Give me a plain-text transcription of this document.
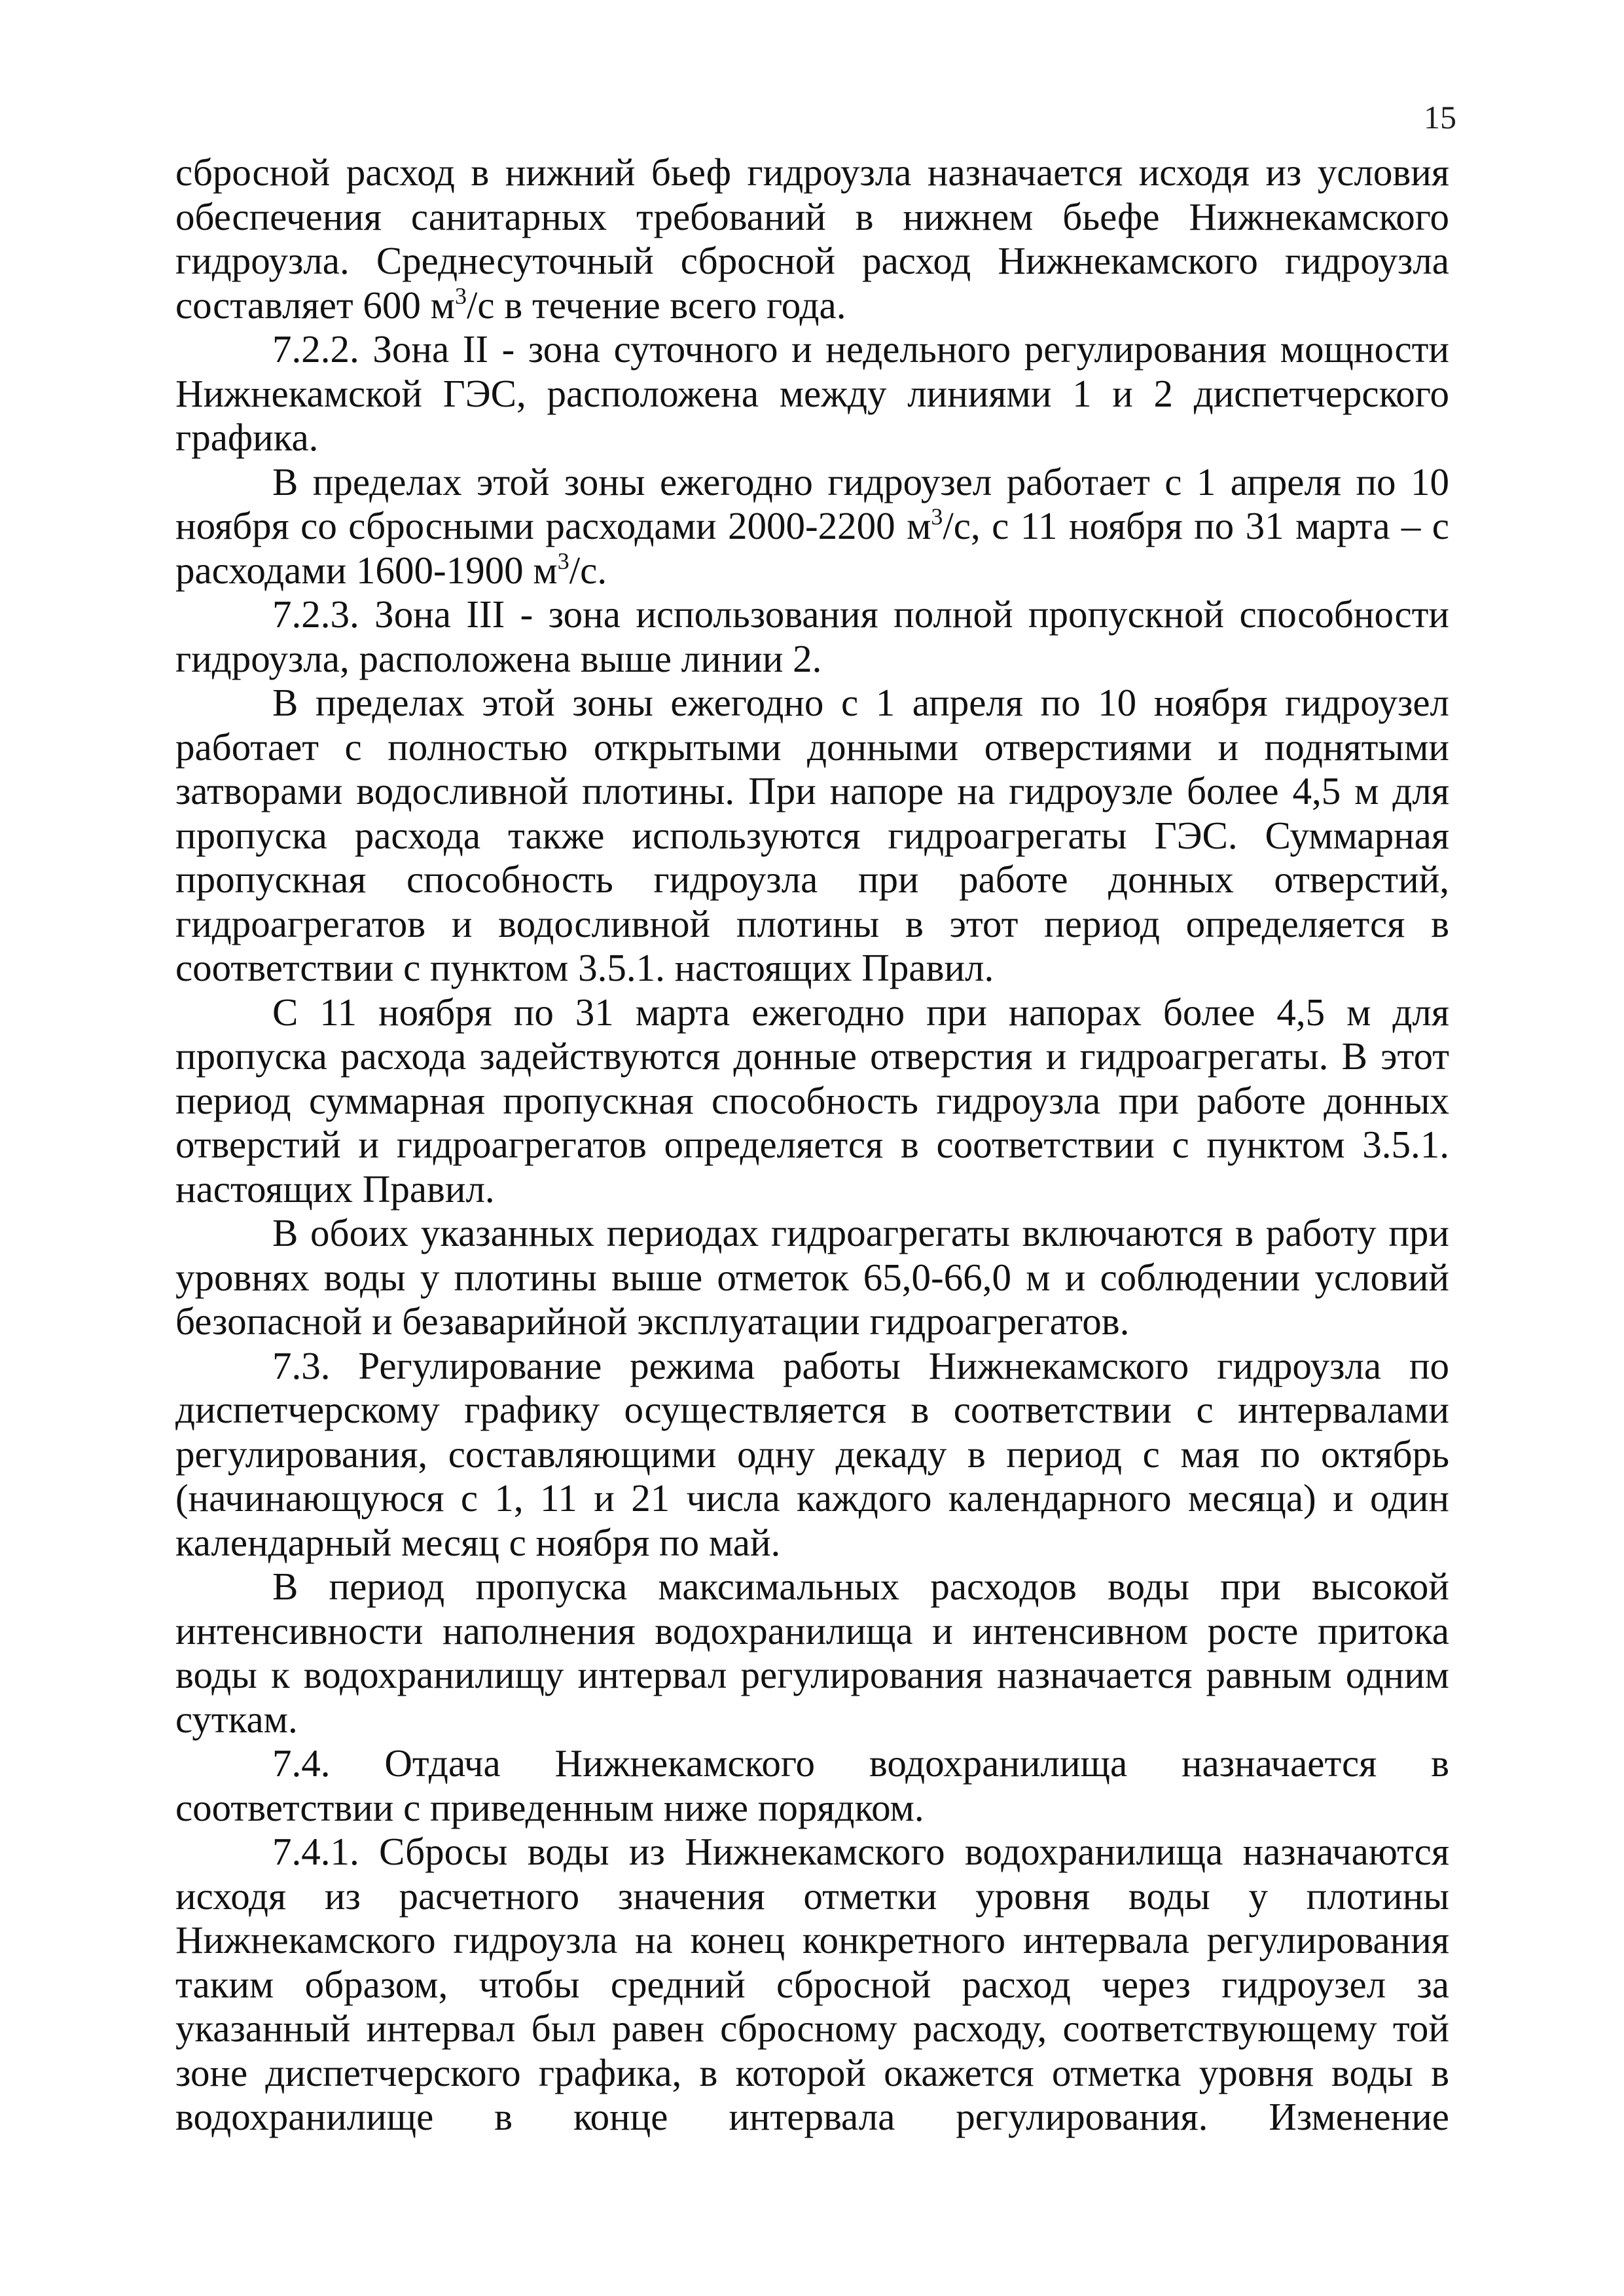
15

сбросной расход в нижний бьеф гидроузла назначается исходя из условия обеспечения санитарных требований в нижнем бьефе Нижнекамского гидроузла. Среднесуточный сбросной расход Нижнекамского гидроузла составляет 600 $м^3/с$ в течение всего года.

7.2.2. Зона II - зона суточного и недельного регулирования мощности Нижнекамской ГЭС, расположена между линиями 1 и 2 диспетчерского графика.

В пределах этой зоны ежегодно гидроузел работает с 1 апреля по 10 ноября со сбросными расходами 2000-2200 $м^3/с$, с 11 ноября по 31 марта – с расходами 1600-1900 $м^3/с$.

7.2.3. Зона III - зона использования полной пропускной способности гидроузла, расположена выше линии 2.

В пределах этой зоны ежегодно с 1 апреля по 10 ноября гидроузел работает с полностью открытыми донными отверстиями и поднятыми затворами водосливной плотины. При напоре на гидроузле более 4,5 м для пропуска расхода также используются гидроагрегаты ГЭС. Суммарная пропускная способность гидроузла при работе донных отверстий, гидроагрегатов и водосливной плотины в этот период определяется в соответствии с пунктом 3.5.1. настоящих Правил.

С 11 ноября по 31 марта ежегодно при напорах более 4,5 м для пропуска расхода задействуются донные отверстия и гидроагрегаты. В этот период суммарная пропускная способность гидроузла при работе донных отверстий и гидроагрегатов определяется в соответствии с пунктом 3.5.1. настоящих Правил.

В обоих указанных периодах гидроагрегаты включаются в работу при уровнях воды у плотины выше отметок 65,0-66,0 м и соблюдении условий безопасной и безаварийной эксплуатации гидроагрегатов.

7.3. Регулирование режима работы Нижнекамского гидроузла по диспетчерскому графику осуществляется в соответствии с интервалами регулирования, составляющими одну декаду в период с мая по октябрь (начинающуюся с 1, 11 и 21 числа каждого календарного месяца) и один календарный месяц с ноября по май.

В период пропуска максимальных расходов воды при высокой интенсивности наполнения водохранилища и интенсивном росте притока воды к водохранилищу интервал регулирования назначается равным одним суткам.

7.4. Отдача Нижнекамского водохранилища назначается в соответствии с приведенным ниже порядком.

7.4.1. Сбросы воды из Нижнекамского водохранилища назначаются исходя из расчетного значения отметки уровня воды у плотины Нижнекамского гидроузла на конец конкретного интервала регулирования таким образом, чтобы средний сбросной расход через гидроузел за указанный интервал был равен сбросному расходу, соответствующему той зоне диспетчерского графика, в которой окажется отметка уровня воды в водохранилище в конце интервала регулирования. Изменение
